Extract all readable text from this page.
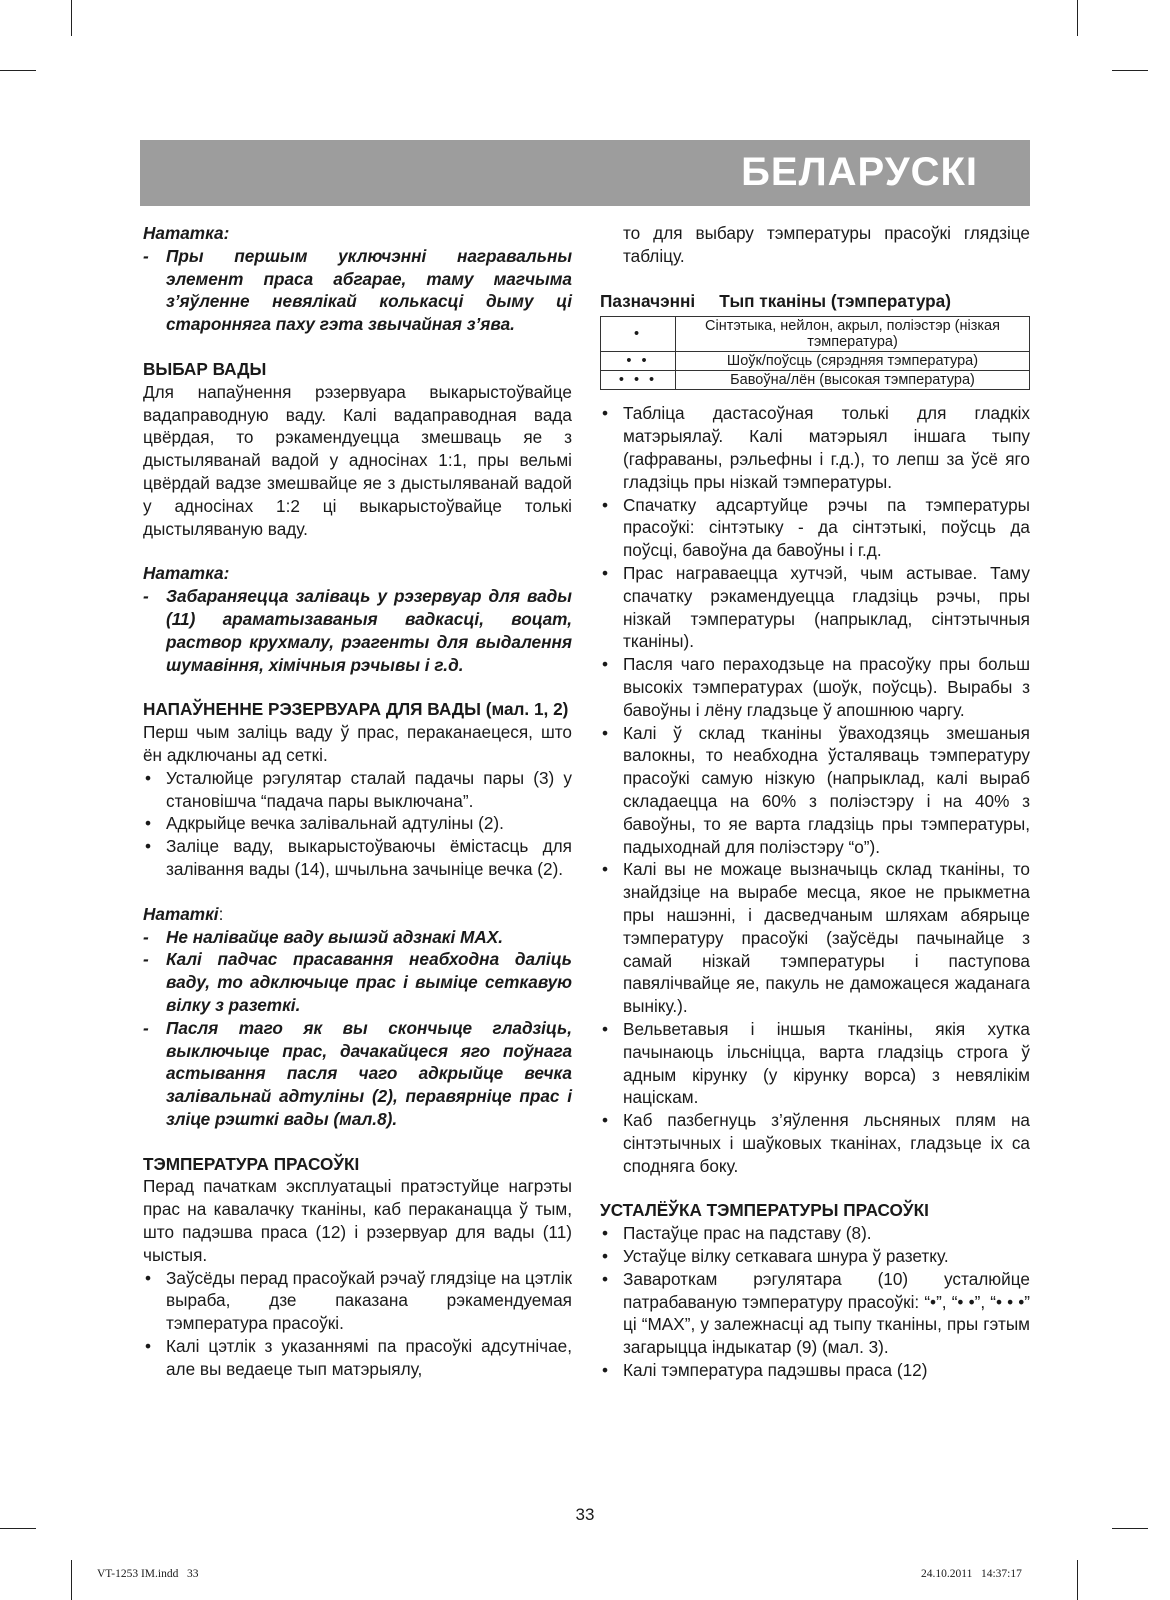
БЕЛАРУСКІ

Нататка:

- Пры першым уключэнні награвальны элемент праса абгарае, таму магчыма з’яўленне невялікай колькасці дыму ці староннягa паху гэта звычайная з’ява.

ВЫБАР ВАДЫ

Для напаўнення рэзервуара выкарыстоўвайце вадаправодную ваду. Калі вадаправодная вада цвёрдая, то рэкамендуецца змешваць яе з дыстыляванай вадой у адносінах 1:1, пры вельмі цвёрдай вадзе змешвайце яе з дыстыляванай вадой у адносінах 1:2 ці выкарыстоўвайце толькі дыстыляваную ваду.

Нататка:

- Забараняецца заліваць у рэзервуар для вады (11) араматызаваныя вадкасці, воцат, раствор крухмалу, рэагенты для выдалення шумавіння, хімічныя рэчывы і г.д.

НАПАЎНЕННЕ РЭЗЕРВУАРА ДЛЯ ВАДЫ (мал. 1, 2)

Перш чым заліць ваду ў прас, пераканаецеся, што ён адключаны ад сеткі.

• Усталюйце рэгулятар сталай падачы пары (3) у становішча “падача пары выключана”.

• Адкрыйце вечка залівальнай адтуліны (2).

• Заліце ваду, выкарыстоўваючы ёмістасць для залівання вады (14), шчыльна зачыніце вечка (2).

Нататкі:

- Не налівайце ваду вышэй адзнакі MAX.

- Калі падчас прасавання неабходна даліць ваду, то адключыце прас і выміце сеткавую вілку з разеткі.

- Пасля таго як вы скончыце гладзіць, выключыце прас, дачакайцеся яго поўнага астывання пасля чаго адкрыйце вечка залівальнай адтуліны (2), перавярніце прас і зліце рэшткі вады (мал.8).

ТЭМПЕРАТУРА ПРАСОЎКІ

Перад пачаткам эксплуатацыі пратэстуйце нагрэты прас на кавалачку тканіны, каб пераканацца ў тым, што падэшва праса (12) і рэзервуар для вады (11) чыстыя.

• Заўсёды перад прасоўкай рэчаў глядзіце на цэтлік выраба, дзе паказана рэкамендуемая тэмпература прасоўкі.

• Калі цэтлік з указаннямі па прасоўкі адсутнічае, але вы ведаеце тып матэрыялу,

то для выбару тэмпературы прасоўкі глядзіце табліцу.

Пазначэнні Тып тканіны (тэмпература)

•	Сінтэтыка, нейлон, акрыл, поліэстэр (нізкая тэмпература)
• •	Шоўк/поўсць (сярэдняя тэмпература)
• • •	Бавоўна/лён (высокая тэмпература)

• Табліца дастасоўная толькі для гладкіх матэрыялаў. Калі матэрыял іншага тыпу (гафраваны, рэльефны і г.д.), то лепш за ўсё яго гладзіць пры нізкай тэмпературы.

• Спачатку адсартуйце рэчы па тэмпературы прасоўкі: сінтэтыку - да сінтэтыкі, поўсць да поўсці, бавоўна да бавоўны і г.д.

• Прас награваецца хутчэй, чым астывае. Таму спачатку рэкамендуецца гладзіць рэчы, пры нізкай тэмпературы (напрыклад, сінтэтычныя тканіны).

• Пасля чаго пераходзьце на прасоўку пры больш высокіх тэмпературах (шоўк, поўсць). Вырабы з бавоўны і лёну гладзьце ў апошнюю чаргу.

• Калі ў склад тканіны ўваходзяць змешаныя валокны, то неабходна ўсталяваць тэмпературу прасоўкі самую нізкую (напрыклад, калі выраб складаецца на 60% з поліэстэру і на 40% з бавоўны, то яе варта гладзіць пры тэмпературы, падыходнай для поліэстэру “о”).

• Калі вы не можаце вызначыць склад тканіны, то знайдзіце на вырабе месца, якое не прыкметна пры нашэнні, і дасведчаным шляхам абярыце тэмпературу прасоўкі (заўсёды пачынайце з самай нізкай тэмпературы і паступова павялічвайце яе, пакуль не даможацеся жаданага выніку.).

• Вельветавыя і іншыя тканіны, якія хутка пачынаюць ільсніцца, варта гладзіць строга ў адным кірунку (у кірунку ворса) з невялікім націскам.

• Каб пазбегнуць з’яўлення льсняных плям на сінтэтычных і шаўковых тканінах, гладзьце іх са споднягa боку.

УСТАЛЁЎКА ТЭМПЕРАТУРЫ ПРАСОЎКІ

• Пастаўце прас на падставу (8).

• Устаўце вілку сеткавага шнура ў разетку.

• Завароткам рэгулятара (10) усталюйце патрабаваную тэмпературу прасоўкі: “•”, “• •”, “• • •” ці “MAX”, у залежнасці ад тыпу тканіны, пры гэтым загарыцца індыкатар (9) (мал. 3).

• Калі тэмпература падэшвы праса (12)

33
VT-1253 IM.indd   33	24.10.2011   14:37:17
